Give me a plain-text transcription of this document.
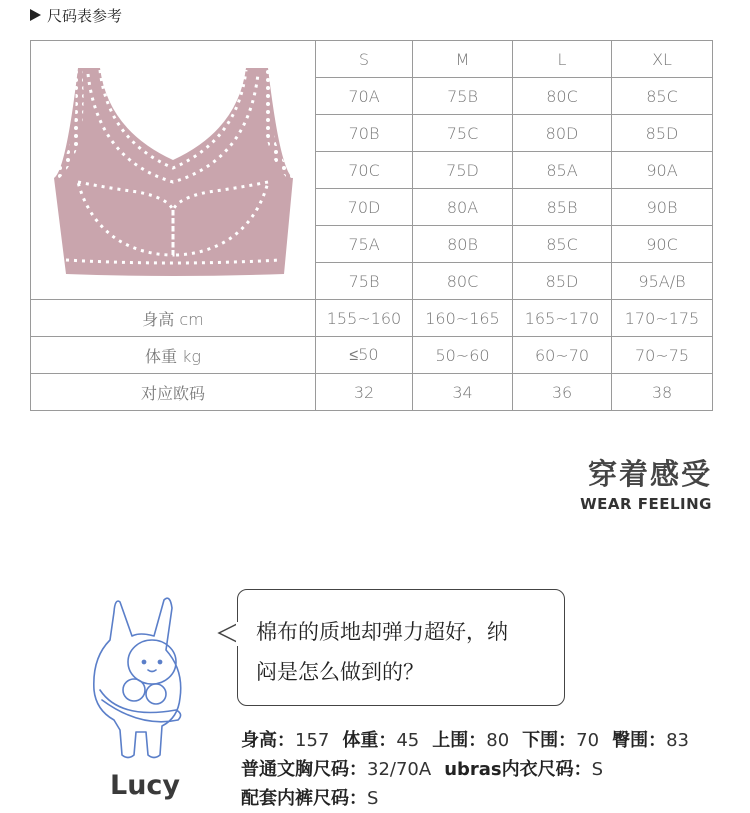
尺码表参考
	S	M	L	XL
	70A	75B	80C	85C
	70B	75C	80D	85D
	70C	75D	85A	90A
	70D	80A	85B	90B
	75A	80B	85C	90C
	75B	80C	85D	95A/B
身高 cm	155~160	160~165	165~170	170~175
体重 kg	≤50	50~60	60~70	70~75
对应欧码	32	34	36	38
穿着感受
WEAR FEELING
棉布的质地却弹力超好，纳
闷是怎么做到的？
Lucy
身高：157 体重：45 上围：80 下围：70 臀围：83
普通文胸尺码：32/70A ubras内衣尺码：S
配套内裤尺码：S
